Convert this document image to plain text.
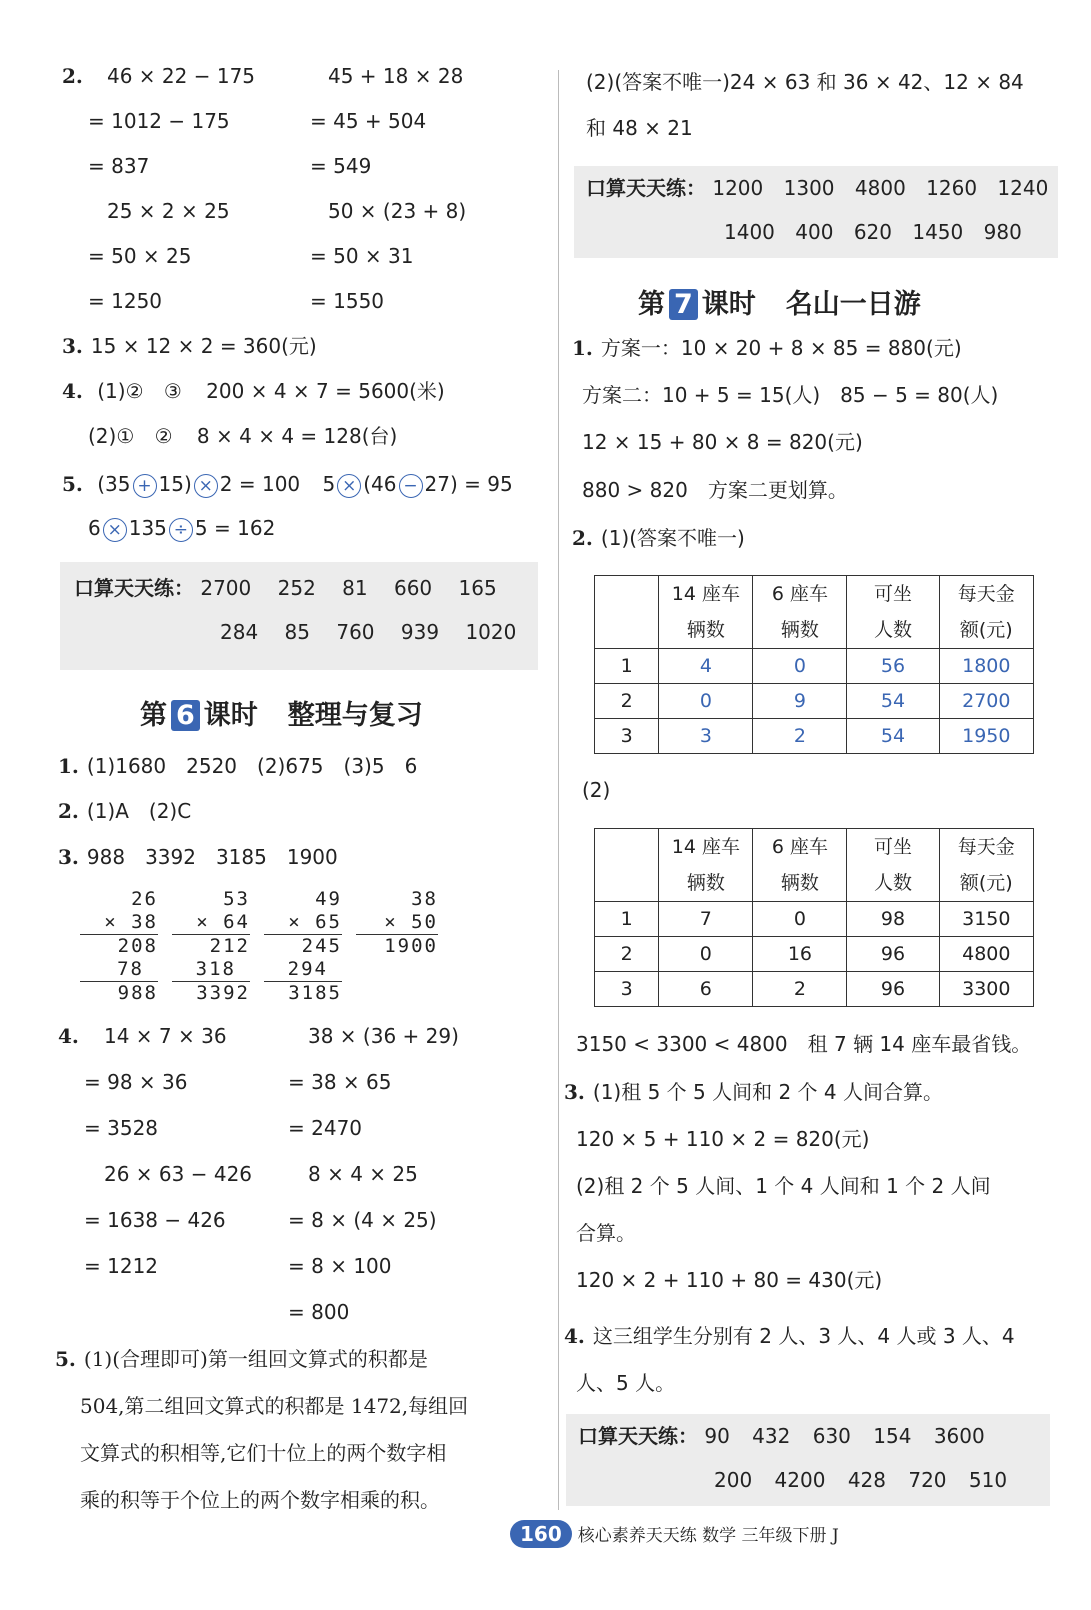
2.	46 × 22 − 175
= 1012 − 175
= 837
45 + 18 × 28
= 45 + 504
= 549
25 × 2 × 25
= 50 × 25
= 1250
50 × (23 + 8)
= 50 × 31
= 1550
3. 15 × 12 × 2 = 360(元)
4. (1)② ③ 200 × 4 × 7 = 5600(米)
(2)① ② 8 × 4 × 4 = 128(台)
5. (35 + 15) × 2 = 100 5 × (46 − 27) = 95
6 × 135 ÷ 5 = 162
口算天天练： 2700 252 81 660 165
284 85 760 939 1020
第 6 课时 整理与复习
1. (1)1680　2520　(2)675　(3)5　6
2. (1)A　(2)C
3. 988　3392　3185　1900
26
× 38
208
78
988
53
× 64
212
318
3392
49
× 65
245
294
3185
38
× 50
1900
4.	14 × 7 × 36
= 98 × 36
= 3528
38 × (36 + 29)
= 38 × 65
= 2470
26 × 63 − 426
= 1638 − 426
= 1212
8 × 4 × 25
= 8 × (4 × 25)
= 8 × 100
= 800
5. (1)(合理即可)第一组回文算式的积都是
504,第二组回文算式的积都是 1472,每组回
文算式的积相等,它们十位上的两个数字相
乘的积等于个位上的两个数字相乘的积。
(2)(答案不唯一)24 × 63 和 36 × 42、12 × 84
和 48 × 21
口算天天练： 1200 1300 4800 1260 1240
1400 400 620 1450 980
第 7 课时 名山一日游
1. 方案一：10 × 20 + 8 × 85 = 880(元)
方案二：10 + 5 = 15(人)　85 − 5 = 80(人)
12 × 15 + 80 × 8 = 820(元)
880 > 820　方案二更划算。
2. (1)(答案不唯一)
	14 座车
辆数	6 座车
辆数	可坐
人数	每天金
额(元)
1	4	0	56	1800
2	0	9	54	2700
3	3	2	54	1950
(2)
	14 座车
辆数	6 座车
辆数	可坐
人数	每天金
额(元)
1	7	0	98	3150
2	0	16	96	4800
3	6	2	96	3300
3150 < 3300 < 4800　租 7 辆 14 座车最省钱。
3. (1)租 5 个 5 人间和 2 个 4 人间合算。
120 × 5 + 110 × 2 = 820(元)
(2)租 2 个 5 人间、1 个 4 人间和 1 个 2 人间
合算。
120 × 2 + 110 + 80 = 430(元)
4. 这三组学生分别有 2 人、3 人、4 人或 3 人、4
人、5 人。
口算天天练： 90 432 630 154 3600
200 4200 428 720 510
160 核心素养天天练 数学 三年级下册 J
